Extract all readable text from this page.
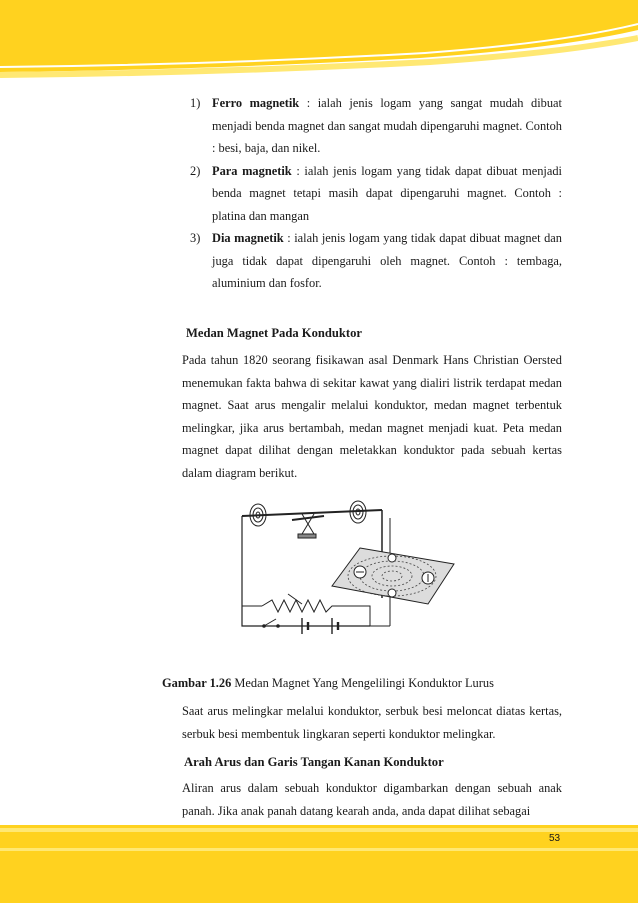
1) Ferro magnetik : ialah jenis logam yang sangat mudah dibuat menjadi benda magnet dan sangat mudah dipengaruhi magnet. Contoh : besi, baja, dan nikel.
2) Para magnetik : ialah jenis logam yang tidak dapat dibuat menjadi benda magnet tetapi masih dapat dipengaruhi magnet. Contoh : platina dan mangan
3) Dia magnetik : ialah jenis logam yang tidak dapat dibuat magnet dan juga tidak dapat dipengaruhi oleh magnet. Contoh : tembaga, aluminium dan fosfor.
Medan Magnet Pada Konduktor
Pada tahun 1820 seorang fisikawan asal Denmark Hans Christian Oersted menemukan fakta bahwa di sekitar kawat yang dialiri listrik terdapat medan magnet. Saat arus mengalir melalui konduktor, medan magnet terbentuk melingkar, jika arus bertambah, medan magnet menjadi kuat. Peta medan magnet dapat dilihat dengan meletakkan konduktor pada sebuah kertas dalam diagram berikut.
Gambar 1.26 Medan Magnet Yang Mengelilingi Konduktor Lurus
Saat arus melingkar melalui konduktor, serbuk besi meloncat diatas kertas, serbuk besi membentuk lingkaran seperti konduktor melingkar.
Arah Arus dan Garis Tangan Kanan Konduktor
Aliran arus dalam sebuah konduktor digambarkan dengan sebuah anak panah. Jika anak panah datang kearah anda, anda dapat dilihat sebagai
53
